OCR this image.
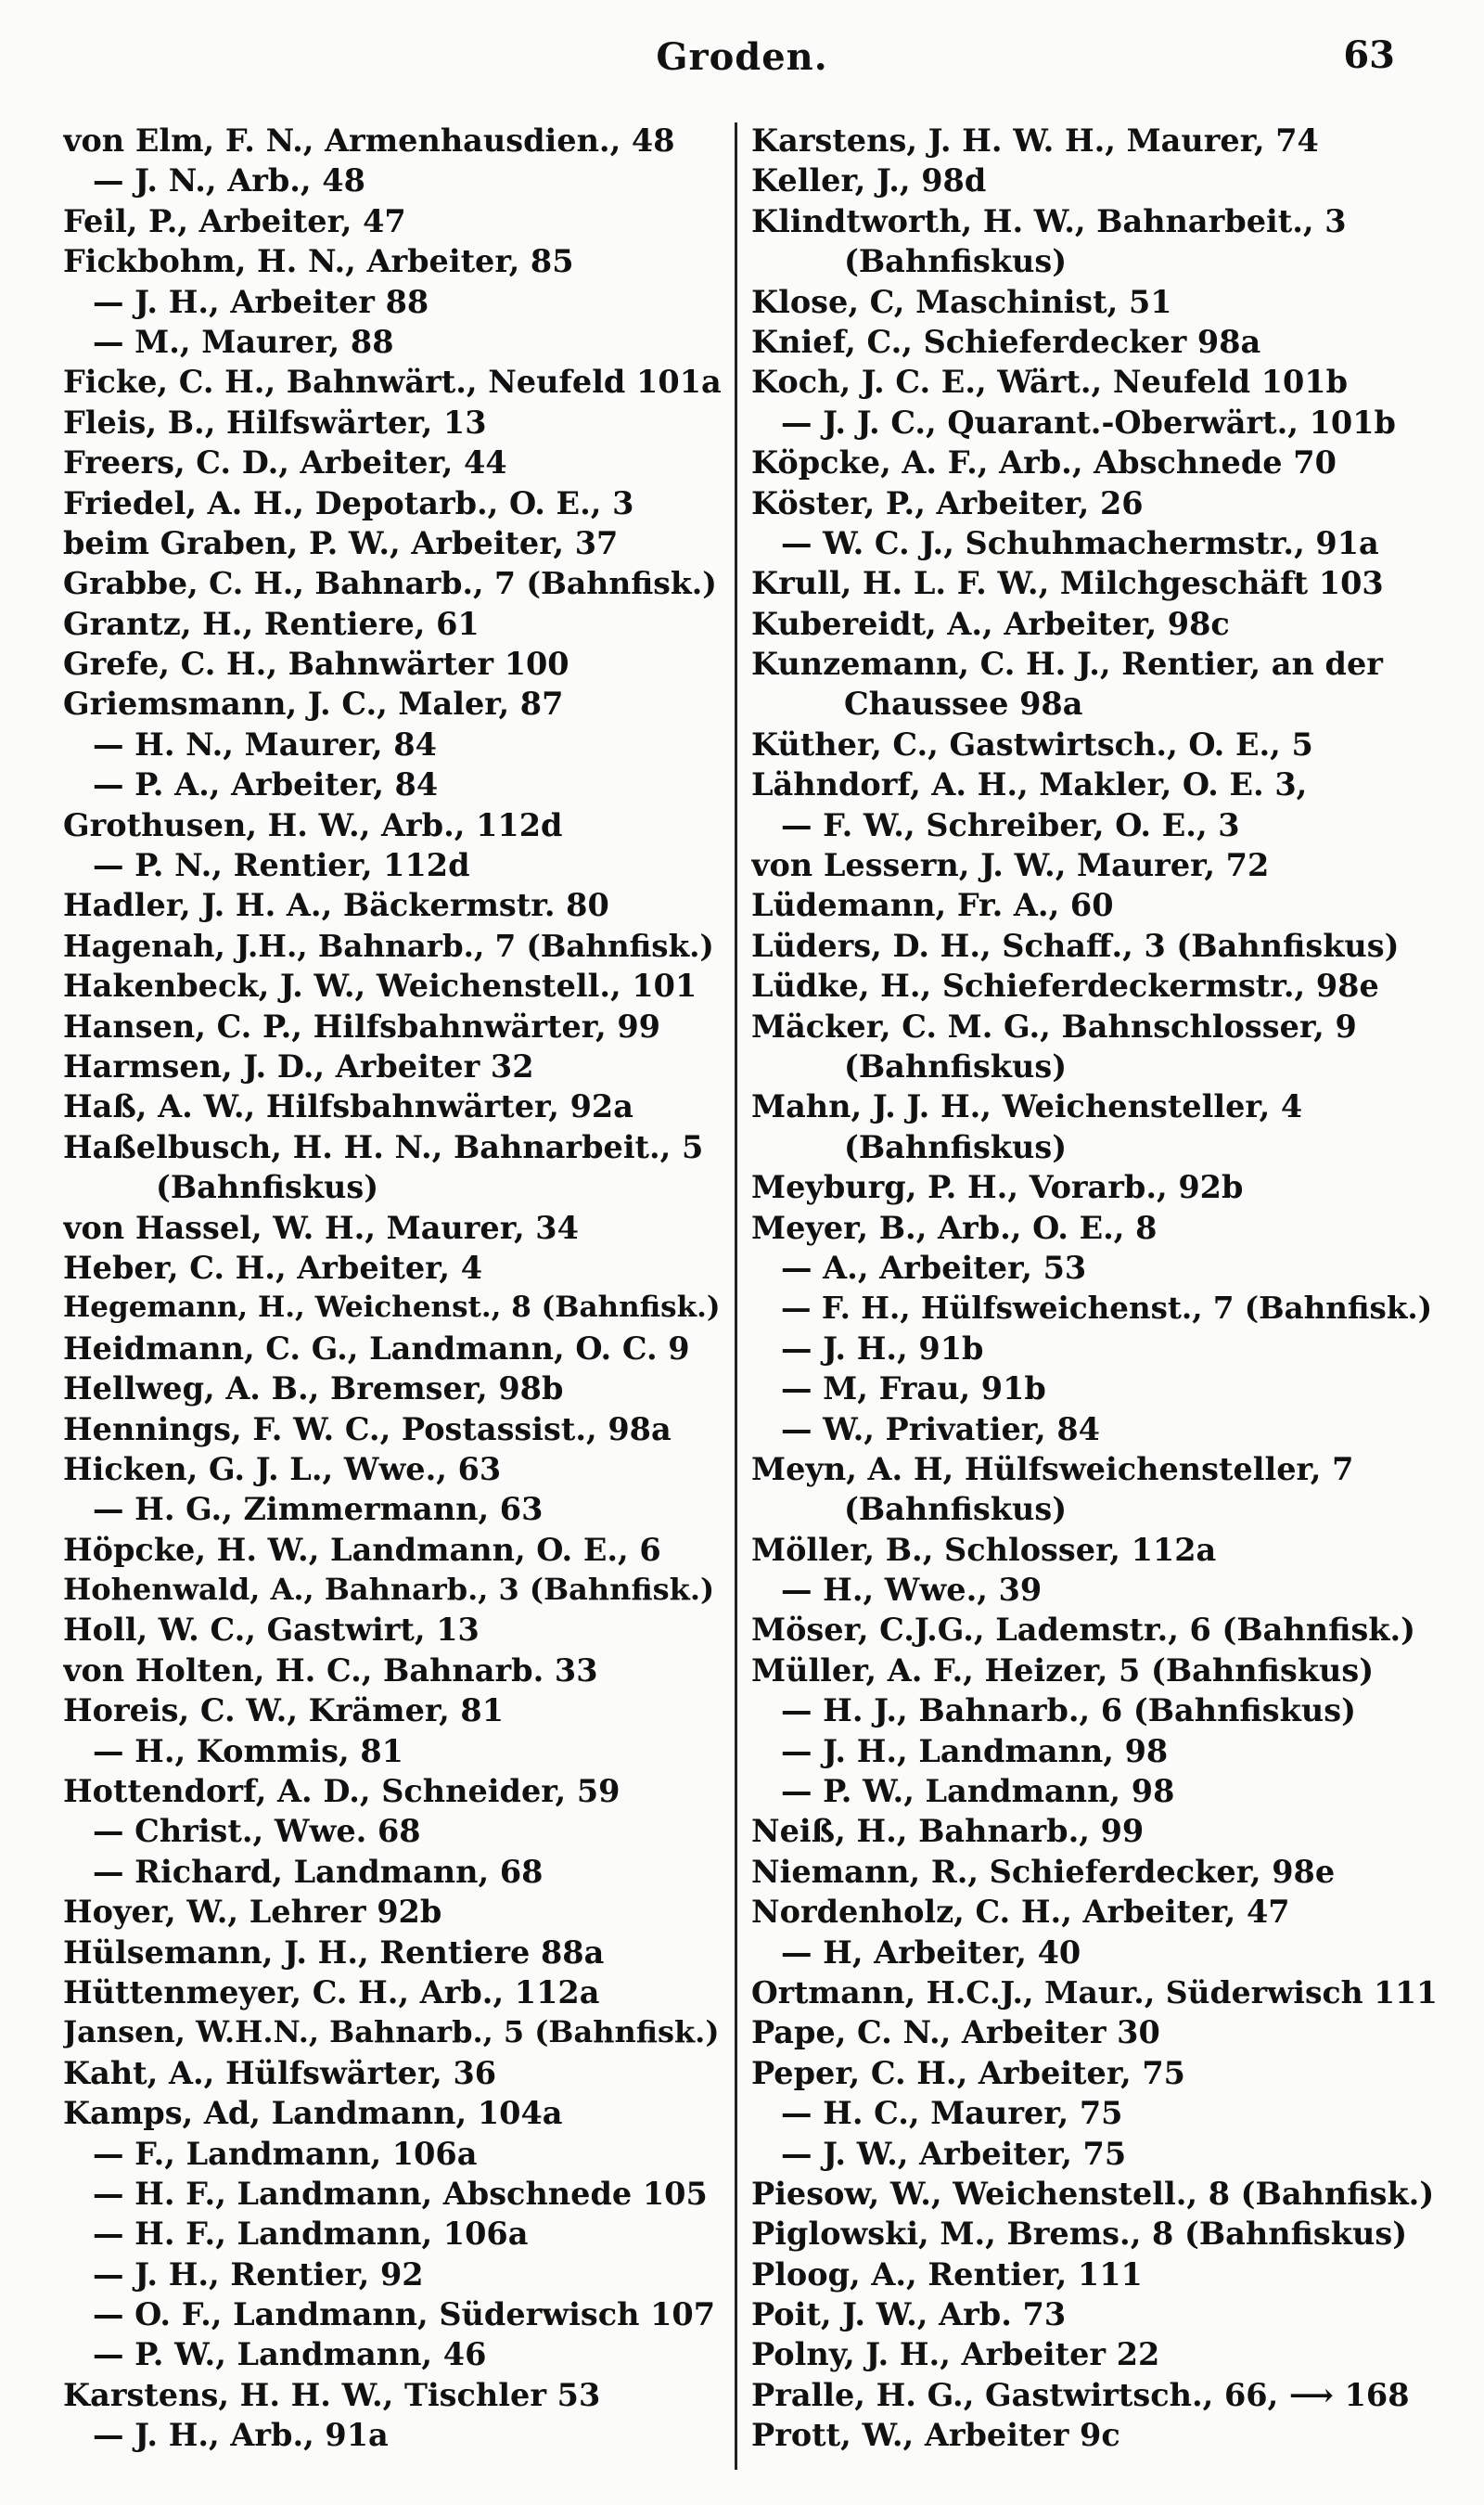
Groden.	63
von Elm, F. N., Armenhausdien., 48
— J. N., Arb., 48
Feil, P., Arbeiter, 47
Fickbohm, H. N., Arbeiter, 85
— J. H., Arbeiter 88
— M., Maurer, 88
Ficke, C. H., Bahnwärt., Neufeld 101a
Fleis, B., Hilfswärter, 13
Freers, C. D., Arbeiter, 44
Friedel, A. H., Depotarb., O. E., 3
beim Graben, P. W., Arbeiter, 37
Grabbe, C. H., Bahnarb., 7 (Bahnfisk.)
Grantz, H., Rentiere, 61
Grefe, C. H., Bahnwärter 100
Griemsmann, J. C., Maler, 87
— H. N., Maurer, 84
— P. A., Arbeiter, 84
Grothusen, H. W., Arb., 112d
— P. N., Rentier, 112d
Hadler, J. H. A., Bäckermstr. 80
Hagenah, J.H., Bahnarb., 7 (Bahnfisk.)
Hakenbeck, J. W., Weichenstell., 101
Hansen, C. P., Hilfsbahnwärter, 99
Harmsen, J. D., Arbeiter 32
Haß, A. W., Hilfsbahnwärter, 92a
Haßelbusch, H. H. N., Bahnarbeit., 5
(Bahnfiskus)
von Hassel, W. H., Maurer, 34
Heber, C. H., Arbeiter, 4
Hegemann, H., Weichenst., 8 (Bahnfisk.)
Heidmann, C. G., Landmann, O. C. 9
Hellweg, A. B., Bremser, 98b
Hennings, F. W. C., Postassist., 98a
Hicken, G. J. L., Wwe., 63
— H. G., Zimmermann, 63
Höpcke, H. W., Landmann, O. E., 6
Hohenwald, A., Bahnarb., 3 (Bahnfisk.)
Holl, W. C., Gastwirt, 13
von Holten, H. C., Bahnarb. 33
Horeis, C. W., Krämer, 81
— H., Kommis, 81
Hottendorf, A. D., Schneider, 59
— Christ., Wwe. 68
— Richard, Landmann, 68
Hoyer, W., Lehrer 92b
Hülsemann, J. H., Rentiere 88a
Hüttenmeyer, C. H., Arb., 112a
Jansen, W.H.N., Bahnarb., 5 (Bahnfisk.)
Kaht, A., Hülfswärter, 36
Kamps, Ad, Landmann, 104a
— F., Landmann, 106a
— H. F., Landmann, Abschnede 105
— H. F., Landmann, 106a
— J. H., Rentier, 92
— O. F., Landmann, Süderwisch 107
— P. W., Landmann, 46
Karstens, H. H. W., Tischler 53
— J. H., Arb., 91a
Karstens, J. H. W. H., Maurer, 74
Keller, J., 98d
Klindtworth, H. W., Bahnarbeit., 3
(Bahnfiskus)
Klose, C, Maschinist, 51
Knief, C., Schieferdecker 98a
Koch, J. C. E., Wärt., Neufeld 101b
— J. J. C., Quarant.-Oberwärt., 101b
Köpcke, A. F., Arb., Abschnede 70
Köster, P., Arbeiter, 26
— W. C. J., Schuhmachermstr., 91a
Krull, H. L. F. W., Milchgeschäft 103
Kubereidt, A., Arbeiter, 98c
Kunzemann, C. H. J., Rentier, an der
Chaussee 98a
Küther, C., Gastwirtsch., O. E., 5
Lähndorf, A. H., Makler, O. E. 3,
— F. W., Schreiber, O. E., 3
von Lessern, J. W., Maurer, 72
Lüdemann, Fr. A., 60
Lüders, D. H., Schaff., 3 (Bahnfiskus)
Lüdke, H., Schieferdeckermstr., 98e
Mäcker, C. M. G., Bahnschlosser, 9
(Bahnfiskus)
Mahn, J. J. H., Weichensteller, 4
(Bahnfiskus)
Meyburg, P. H., Vorarb., 92b
Meyer, B., Arb., O. E., 8
— A., Arbeiter, 53
— F. H., Hülfsweichenst., 7 (Bahnfisk.)
— J. H., 91b
— M, Frau, 91b
— W., Privatier, 84
Meyn, A. H, Hülfsweichensteller, 7
(Bahnfiskus)
Möller, B., Schlosser, 112a
— H., Wwe., 39
Möser, C.J.G., Lademstr., 6 (Bahnfisk.)
Müller, A. F., Heizer, 5 (Bahnfiskus)
— H. J., Bahnarb., 6 (Bahnfiskus)
— J. H., Landmann, 98
— P. W., Landmann, 98
Neiß, H., Bahnarb., 99
Niemann, R., Schieferdecker, 98e
Nordenholz, C. H., Arbeiter, 47
— H, Arbeiter, 40
Ortmann, H.C.J., Maur., Süderwisch 111
Pape, C. N., Arbeiter 30
Peper, C. H., Arbeiter, 75
— H. C., Maurer, 75
— J. W., Arbeiter, 75
Piesow, W., Weichenstell., 8 (Bahnfisk.)
Piglowski, M., Brems., 8 (Bahnfiskus)
Ploog, A., Rentier, 111
Poit, J. W., Arb. 73
Polny, J. H., Arbeiter 22
Pralle, H. G., Gastwirtsch., 66, ⟶ 168
Prott, W., Arbeiter 9c
